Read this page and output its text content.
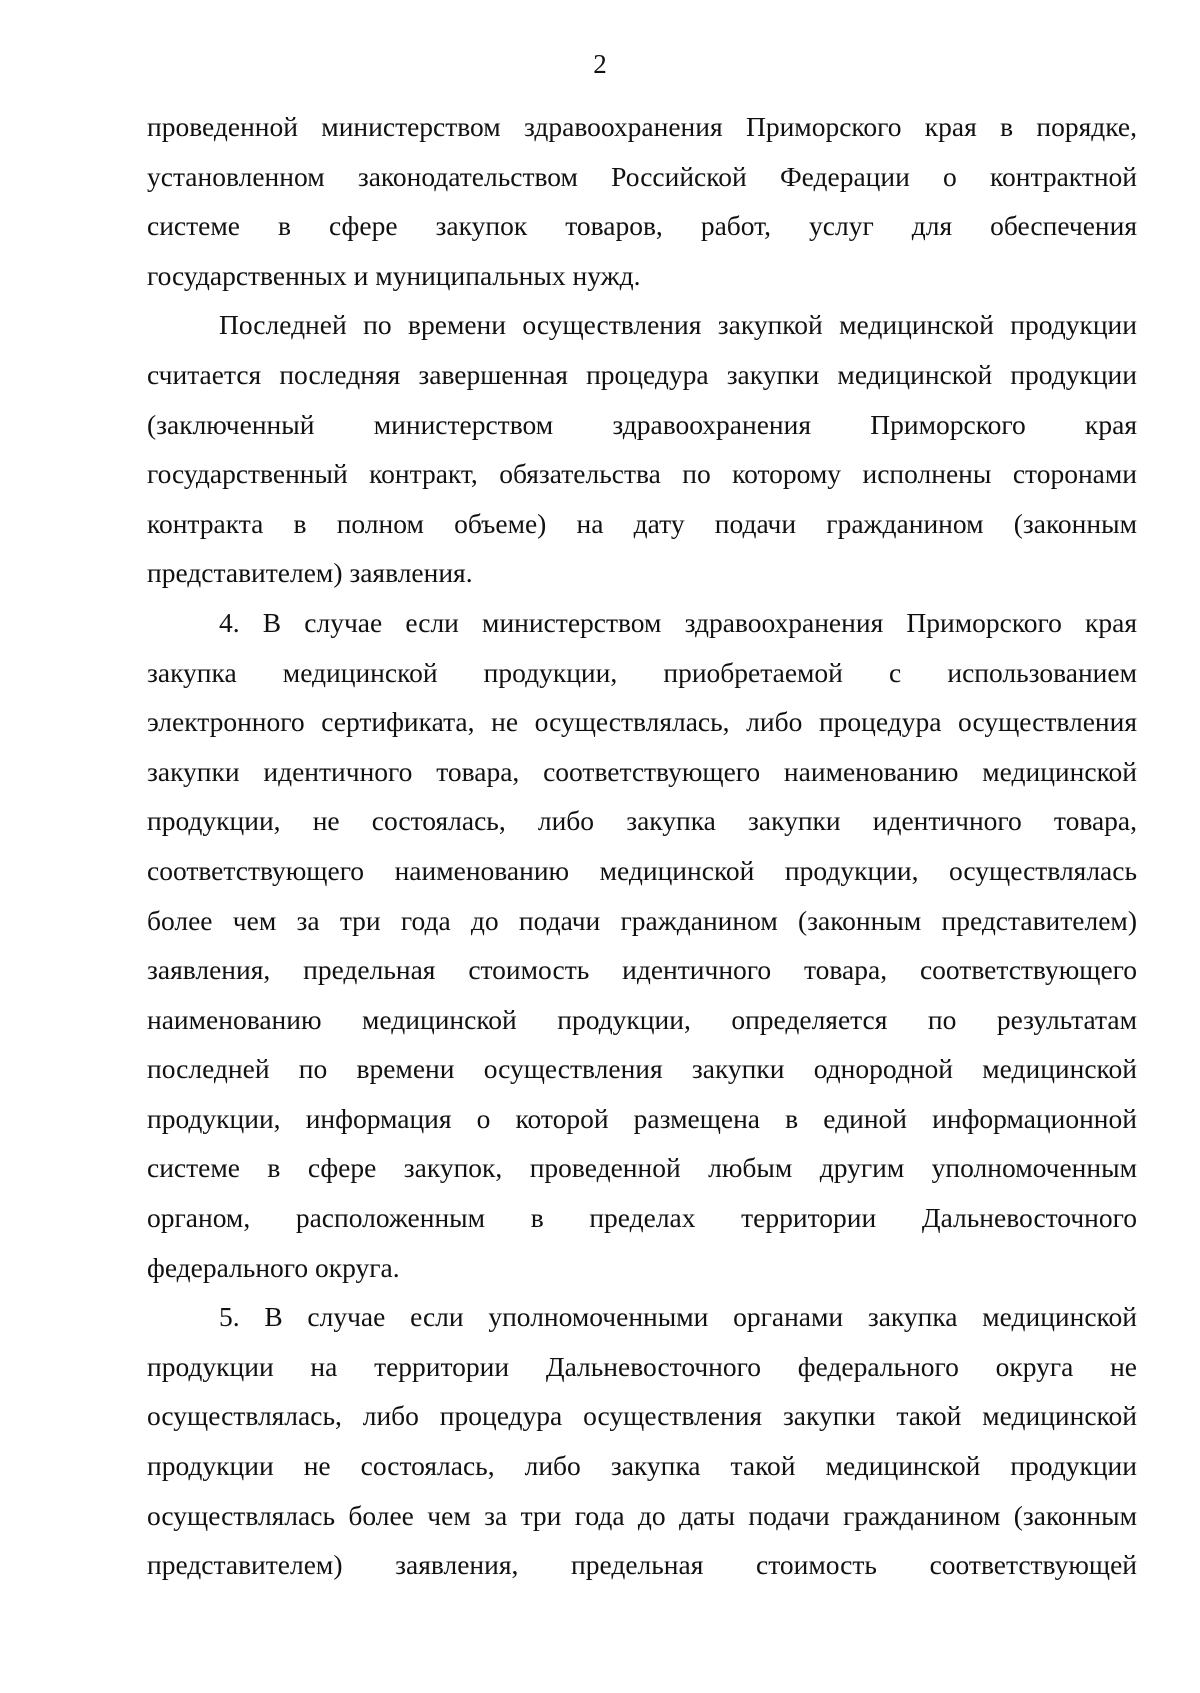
2
проведенной министерством здравоохранения Приморского края в порядке,
установленном законодательством Российской Федерации о контрактной
системе в сфере закупок товаров, работ, услуг для обеспечения
государственных и муниципальных нужд.
Последней по времени осуществления закупкой медицинской продукции
считается последняя завершенная процедура закупки медицинской продукции
(заключенный министерством здравоохранения Приморского края
государственный контракт, обязательства по которому исполнены сторонами
контракта в полном объеме) на дату подачи гражданином (законным
представителем) заявления.
4. В случае если министерством здравоохранения Приморского края
закупка медицинской продукции, приобретаемой с использованием
электронного сертификата, не осуществлялась, либо процедура осуществления
закупки идентичного товара, соответствующего наименованию медицинской
продукции, не состоялась, либо закупка закупки идентичного товара,
соответствующего наименованию медицинской продукции, осуществлялась
более чем за три года до подачи гражданином (законным представителем)
заявления, предельная стоимость идентичного товара, соответствующего
наименованию медицинской продукции, определяется по результатам
последней по времени осуществления закупки однородной медицинской
продукции, информация о которой размещена в единой информационной
системе в сфере закупок, проведенной любым другим уполномоченным
органом, расположенным в пределах территории Дальневосточного
федерального округа.
5. В случае если уполномоченными органами закупка медицинской
продукции на территории Дальневосточного федерального округа не
осуществлялась, либо процедура осуществления закупки такой медицинской
продукции не состоялась, либо закупка такой медицинской продукции
осуществлялась более чем за три года до даты подачи гражданином (законным
представителем) заявления, предельная стоимость соответствующей
